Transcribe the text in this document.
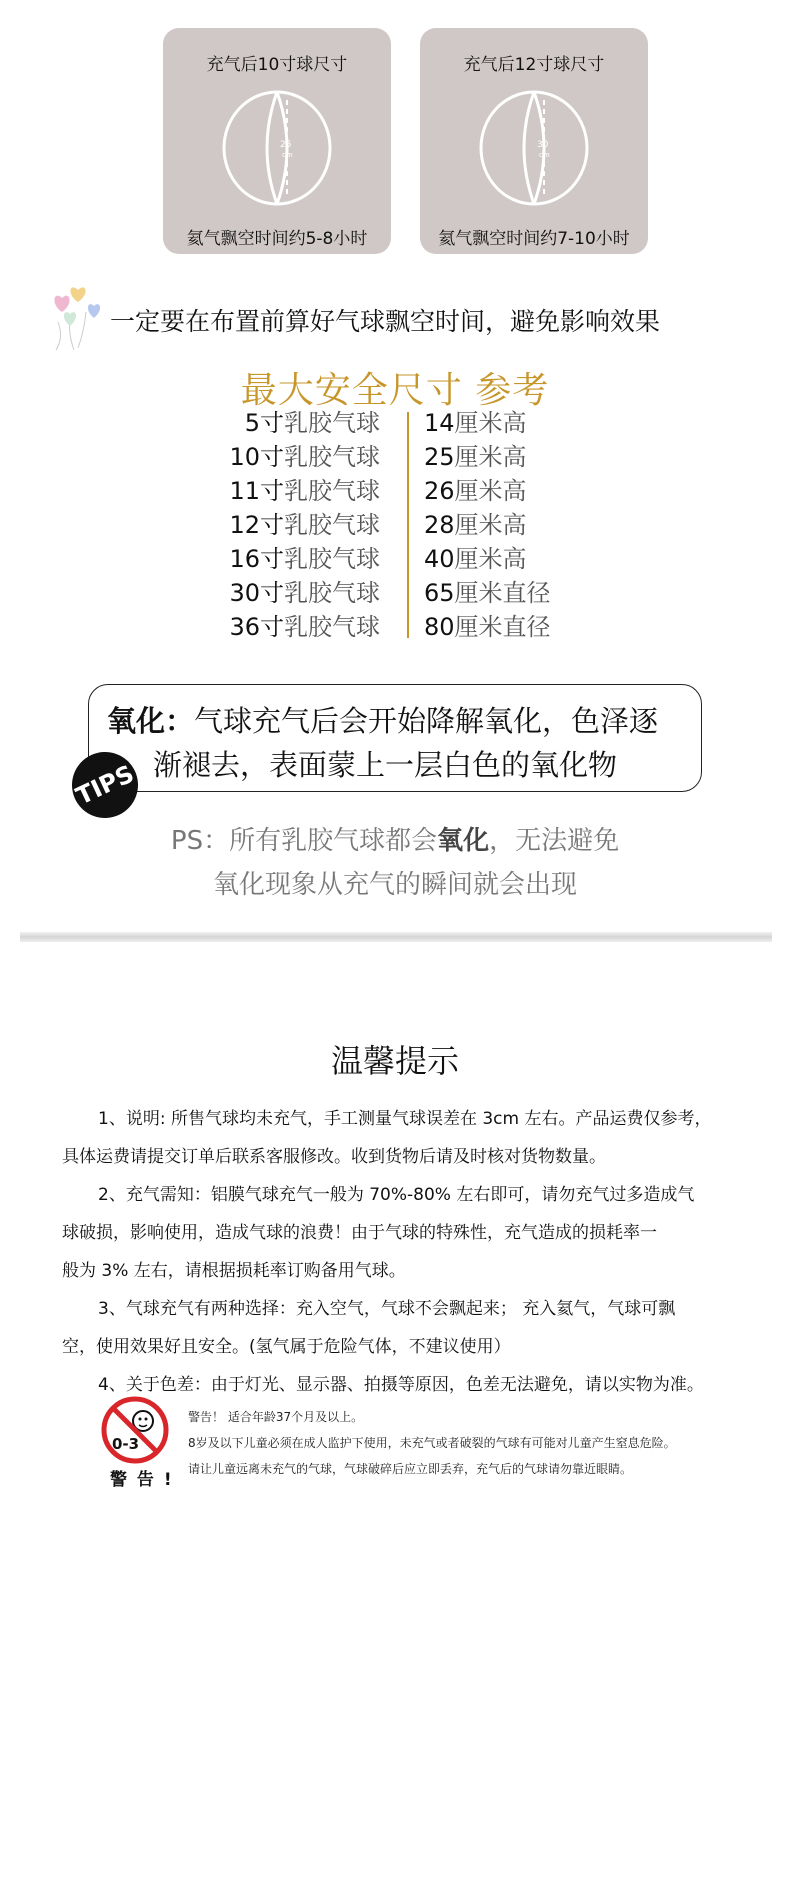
充气后10寸球尺寸
25
cm
氦气飘空时间约5-8小时
充气后12寸球尺寸
30
cm
氦气飘空时间约7-10小时
一定要在布置前算好气球飘空时间，避免影响效果
最大安全尺寸 参考
5寸乳胶气球 14厘米高
10寸乳胶气球 25厘米高
11寸乳胶气球 26厘米高
12寸乳胶气球 28厘米高
16寸乳胶气球 40厘米高
30寸乳胶气球 65厘米直径
36寸乳胶气球 80厘米直径
氧化：气球充气后会开始降解氧化，色泽逐
渐褪去，表面蒙上一层白色的氧化物
TIPS
PS：所有乳胶气球都会氧化，无法避免
氧化现象从充气的瞬间就会出现
温馨提示
1、说明: 所售气球均未充气，手工测量气球误差在 3cm 左右。产品运费仅参考，
具体运费请提交订单后联系客服修改。收到货物后请及时核对货物数量。
2、充气需知：铝膜气球充气一般为 70%-80% 左右即可，请勿充气过多造成气
球破损，影响使用，造成气球的浪费！由于气球的特殊性，充气造成的损耗率一
般为 3% 左右，请根据损耗率订购备用气球。
3、气球充气有两种选择：充入空气，气球不会飘起来； 充入氦气，气球可飘
空，使用效果好且安全。(氢气属于危险气体，不建议使用）
4、关于色差：由于灯光、显示器、拍摄等原因，色差无法避免，请以实物为准。
0-3
警 告 !
警告！ 适合年龄37个月及以上。
8岁及以下儿童必须在成人监护下使用，未充气或者破裂的气球有可能对儿童产生窒息危险。
请让儿童远离未充气的气球，气球破碎后应立即丢弃，充气后的气球请勿靠近眼睛。
